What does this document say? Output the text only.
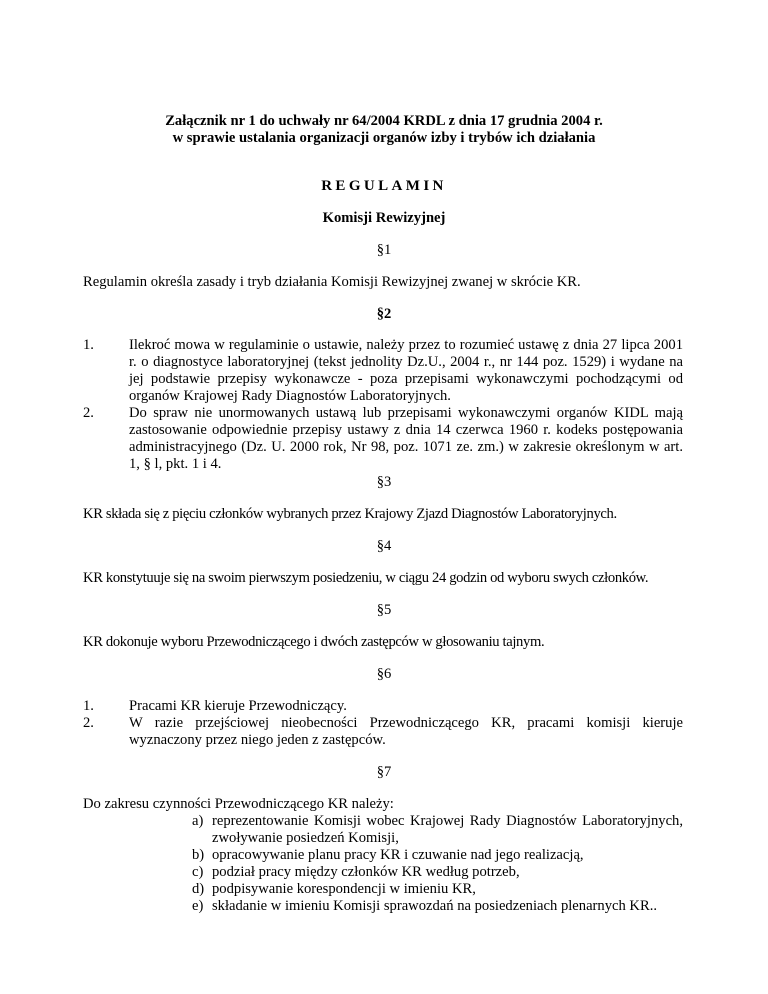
Załącznik nr 1 do uchwały nr 64/2004 KRDL z dnia 17 grudnia 2004 r.
w sprawie ustalania organizacji organów izby i trybów ich działania
REGULAMIN
Komisji Rewizyjnej
§1
Regulamin określa zasady i tryb działania Komisji Rewizyjnej zwanej w skrócie KR.
§2
1. Ilekroć mowa w regulaminie o ustawie, należy przez to rozumieć ustawę z dnia 27 lipca 2001 r. o diagnostyce laboratoryjnej (tekst jednolity Dz.U., 2004 r., nr 144 poz. 1529) i wydane na jej podstawie przepisy wykonawcze - poza przepisami wykonawczymi pochodzącymi od organów Krajowej Rady Diagnostów Laboratoryjnych.
2. Do spraw nie unormowanych ustawą lub przepisami wykonawczymi organów KIDL mają zastosowanie odpowiednie przepisy ustawy z dnia 14 czerwca 1960 r. kodeks postępowania administracyjnego (Dz. U. 2000 rok, Nr 98, poz. 1071 ze. zm.) w zakresie określonym w art. 1, § l, pkt. 1 i 4.
§3
KR składa się z pięciu członków wybranych przez Krajowy Zjazd Diagnostów Laboratoryjnych.
§4
KR konstytuuje się na swoim pierwszym posiedzeniu, w ciągu 24 godzin od wyboru swych członków.
§5
KR dokonuje wyboru Przewodniczącego i dwóch zastępców w głosowaniu tajnym.
§6
1. Pracami KR kieruje Przewodniczący.
2. W razie przejściowej nieobecności Przewodniczącego KR, pracami komisji kieruje wyznaczony przez niego jeden z zastępców.
§7
Do zakresu czynności Przewodniczącego KR należy:
a) reprezentowanie Komisji wobec Krajowej Rady Diagnostów Laboratoryjnych, zwoływanie posiedzeń Komisji,
b) opracowywanie planu pracy KR i czuwanie nad jego realizacją,
c) podział pracy między członków KR według potrzeb,
d) podpisywanie korespondencji w imieniu KR,
e) składanie w imieniu Komisji sprawozdań na posiedzeniach plenarnych KR..
